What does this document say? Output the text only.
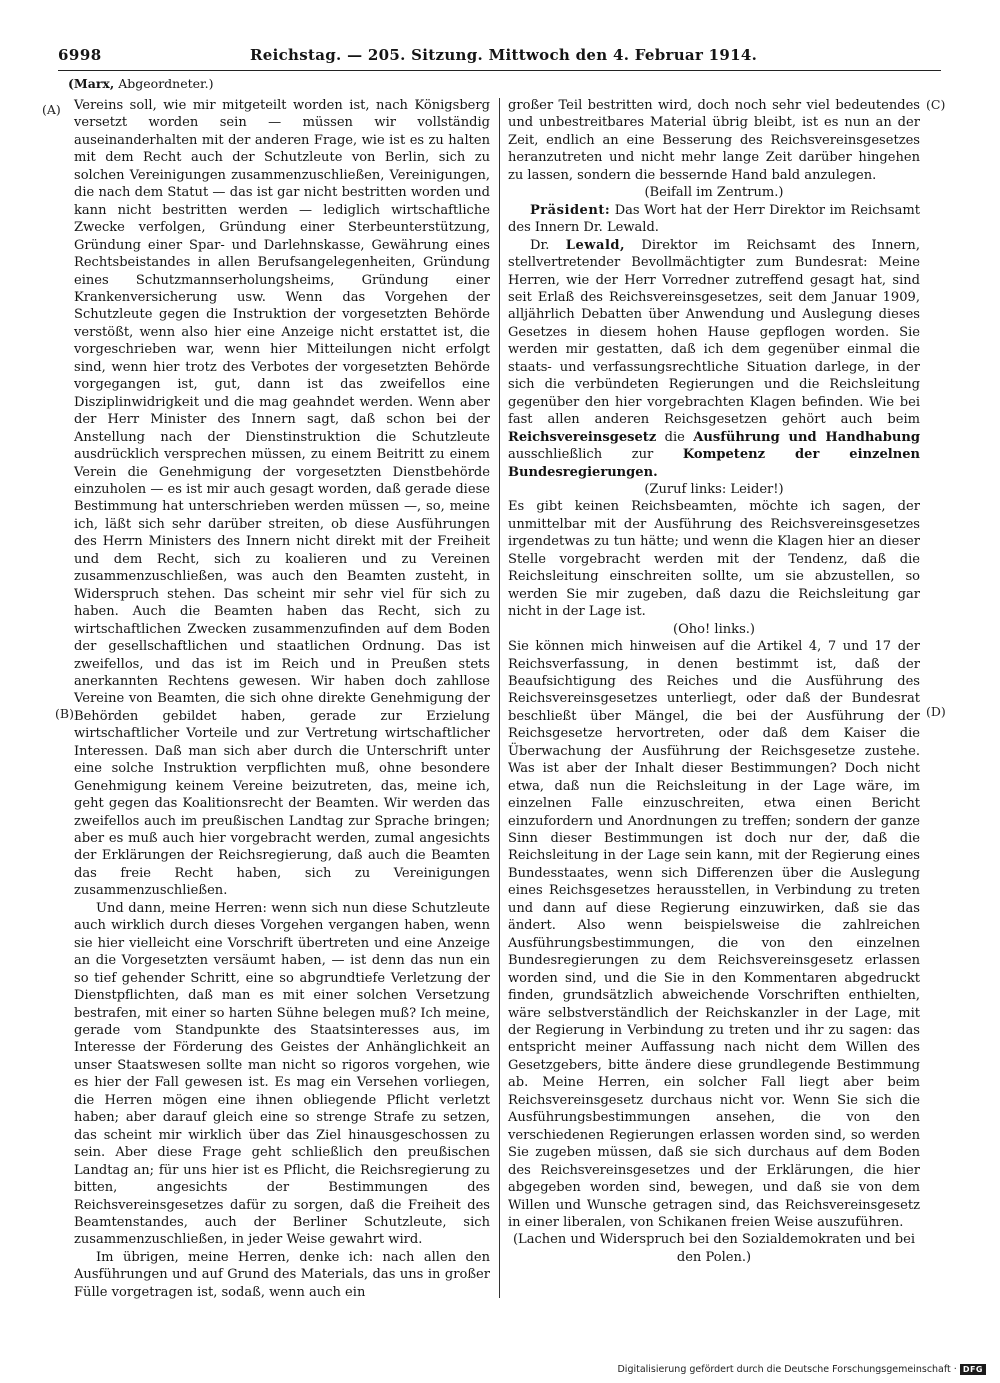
6998	Reichstag. — 205. Sitzung. Mittwoch den 4. Februar 1914.
(Marx, Abgeordneter.)
(A)
(B)
(C)
(D)

Vereins soll, wie mir mitgeteilt worden ist, nach Königsberg versetzt worden sein — müssen wir vollständig auseinanderhalten mit der anderen Frage, wie ist es zu halten mit dem Recht auch der Schutzleute von Berlin, sich zu solchen Vereinigungen zusammenzuschließen, Vereinigungen, die nach dem Statut — das ist gar nicht bestritten worden und kann nicht bestritten werden — lediglich wirtschaftliche Zwecke verfolgen, Gründung einer Sterbeunterstützung, Gründung einer Spar- und Darlehnskasse, Gewährung eines Rechtsbeistandes in allen Berufsangelegenheiten, Gründung eines Schutzmannserholungsheims, Gründung einer Krankenversicherung usw. Wenn das Vorgehen der Schutzleute gegen die Instruktion der vorgesetzten Behörde verstößt, wenn also hier eine Anzeige nicht erstattet ist, die vorgeschrieben war, wenn hier Mitteilungen nicht erfolgt sind, wenn hier trotz des Verbotes der vorgesetzten Behörde vorgegangen ist, gut, dann ist das zweifellos eine Disziplinwidrigkeit und die mag geahndet werden. Wenn aber der Herr Minister des Innern sagt, daß schon bei der Anstellung nach der Dienstinstruktion die Schutzleute ausdrücklich versprechen müssen, zu einem Beitritt zu einem Verein die Genehmigung der vorgesetzten Dienstbehörde einzuholen — es ist mir auch gesagt worden, daß gerade diese Bestimmung hat unterschrieben werden müssen —, so, meine ich, läßt sich sehr darüber streiten, ob diese Ausführungen des Herrn Ministers des Innern nicht direkt mit der Freiheit und dem Recht, sich zu koalieren und zu Vereinen zusammenzuschließen, was auch den Beamten zusteht, in Widerspruch stehen. Das scheint mir sehr viel für sich zu haben. Auch die Beamten haben das Recht, sich zu wirtschaftlichen Zwecken zusammenzufinden auf dem Boden der gesellschaftlichen und staatlichen Ordnung. Das ist zweifellos, und das ist im Reich und in Preußen stets anerkannten Rechtens gewesen. Wir haben doch zahllose Vereine von Beamten, die sich ohne direkte Genehmigung der Behörden gebildet haben, gerade zur Erzielung wirtschaftlicher Vorteile und zur Vertretung wirtschaftlicher Interessen. Daß man sich aber durch die Unterschrift unter eine solche Instruktion verpflichten muß, ohne besondere Genehmigung keinem Vereine beizutreten, das, meine ich, geht gegen das Koalitionsrecht der Beamten. Wir werden das zweifellos auch im preußischen Landtag zur Sprache bringen; aber es muß auch hier vorgebracht werden, zumal angesichts der Erklärungen der Reichsregierung, daß auch die Beamten das freie Recht haben, sich zu Vereinigungen zusammenzuschließen.

Und dann, meine Herren: wenn sich nun diese Schutzleute auch wirklich durch dieses Vorgehen vergangen haben, wenn sie hier vielleicht eine Vorschrift übertreten und eine Anzeige an die Vorgesetzten versäumt haben, — ist denn das nun ein so tief gehender Schritt, eine so abgrundtiefe Verletzung der Dienstpflichten, daß man es mit einer solchen Versetzung bestrafen, mit einer so harten Sühne belegen muß? Ich meine, gerade vom Standpunkte des Staatsinteresses aus, im Interesse der Förderung des Geistes der Anhänglichkeit an unser Staatswesen sollte man nicht so rigoros vorgehen, wie es hier der Fall gewesen ist. Es mag ein Versehen vorliegen, die Herren mögen eine ihnen obliegende Pflicht verletzt haben; aber darauf gleich eine so strenge Strafe zu setzen, das scheint mir wirklich über das Ziel hinausgeschossen zu sein. Aber diese Frage geht schließlich den preußischen Landtag an; für uns hier ist es Pflicht, die Reichsregierung zu bitten, angesichts der Bestimmungen des Reichsvereinsgesetzes dafür zu sorgen, daß die Freiheit des Beamtenstandes, auch der Berliner Schutzleute, sich zusammenzuschließen, in jeder Weise gewahrt wird.

Im übrigen, meine Herren, denke ich: nach allen den Ausführungen und auf Grund des Materials, das uns in großer Fülle vorgetragen ist, sodaß, wenn auch ein

großer Teil bestritten wird, doch noch sehr viel bedeutendes und unbestreitbares Material übrig bleibt, ist es nun an der Zeit, endlich an eine Besserung des Reichsvereinsgesetzes heranzutreten und nicht mehr lange Zeit darüber hingehen zu lassen, sondern die bessernde Hand bald anzulegen.

(Beifall im Zentrum.)

Präsident: Das Wort hat der Herr Direktor im Reichsamt des Innern Dr. Lewald.

Dr. Lewald, Direktor im Reichsamt des Innern, stellvertretender Bevollmächtigter zum Bundesrat: Meine Herren, wie der Herr Vorredner zutreffend gesagt hat, sind seit Erlaß des Reichsvereinsgesetzes, seit dem Januar 1909, alljährlich Debatten über Anwendung und Auslegung dieses Gesetzes in diesem hohen Hause gepflogen worden. Sie werden mir gestatten, daß ich dem gegenüber einmal die staats- und verfassungsrechtliche Situation darlege, in der sich die verbündeten Regierungen und die Reichsleitung gegenüber den hier vorgebrachten Klagen befinden. Wie bei fast allen anderen Reichsgesetzen gehört auch beim Reichsvereinsgesetz die Ausführung und Handhabung ausschließlich zur Kompetenz der einzelnen Bundesregierungen.

(Zuruf links: Leider!)

Es gibt keinen Reichsbeamten, möchte ich sagen, der unmittelbar mit der Ausführung des Reichsvereinsgesetzes irgendetwas zu tun hätte; und wenn die Klagen hier an dieser Stelle vorgebracht werden mit der Tendenz, daß die Reichsleitung einschreiten sollte, um sie abzustellen, so werden Sie mir zugeben, daß dazu die Reichsleitung gar nicht in der Lage ist.

(Oho! links.)

Sie können mich hinweisen auf die Artikel 4, 7 und 17 der Reichsverfassung, in denen bestimmt ist, daß der Beaufsichtigung des Reiches und die Ausführung des Reichsvereinsgesetzes unterliegt, oder daß der Bundesrat beschließt über Mängel, die bei der Ausführung der Reichsgesetze hervortreten, oder daß dem Kaiser die Überwachung der Ausführung der Reichsgesetze zustehe. Was ist aber der Inhalt dieser Bestimmungen? Doch nicht etwa, daß nun die Reichsleitung in der Lage wäre, im einzelnen Falle einzuschreiten, etwa einen Bericht einzufordern und Anordnungen zu treffen; sondern der ganze Sinn dieser Bestimmungen ist doch nur der, daß die Reichsleitung in der Lage sein kann, mit der Regierung eines Bundesstaates, wenn sich Differenzen über die Auslegung eines Reichsgesetzes herausstellen, in Verbindung zu treten und dann auf diese Regierung einzuwirken, daß sie das ändert. Also wenn beispielsweise die zahlreichen Ausführungsbestimmungen, die von den einzelnen Bundesregierungen zu dem Reichsvereinsgesetz erlassen worden sind, und die Sie in den Kommentaren abgedruckt finden, grundsätzlich abweichende Vorschriften enthielten, wäre selbstverständlich der Reichskanzler in der Lage, mit der Regierung in Verbindung zu treten und ihr zu sagen: das entspricht meiner Auffassung nach nicht dem Willen des Gesetzgebers, bitte ändere diese grundlegende Bestimmung ab. Meine Herren, ein solcher Fall liegt aber beim Reichsvereinsgesetz durchaus nicht vor. Wenn Sie sich die Ausführungsbestimmungen ansehen, die von den verschiedenen Regierungen erlassen worden sind, so werden Sie zugeben müssen, daß sie sich durchaus auf dem Boden des Reichsvereinsgesetzes und der Erklärungen, die hier abgegeben worden sind, bewegen, und daß sie von dem Willen und Wunsche getragen sind, das Reichsvereinsgesetz in einer liberalen, von Schikanen freien Weise auszuführen.

(Lachen und Widerspruch bei den Sozialdemokraten und bei den Polen.)

Digitalisierung gefördert durch die Deutsche Forschungsgemeinschaft · DFG
